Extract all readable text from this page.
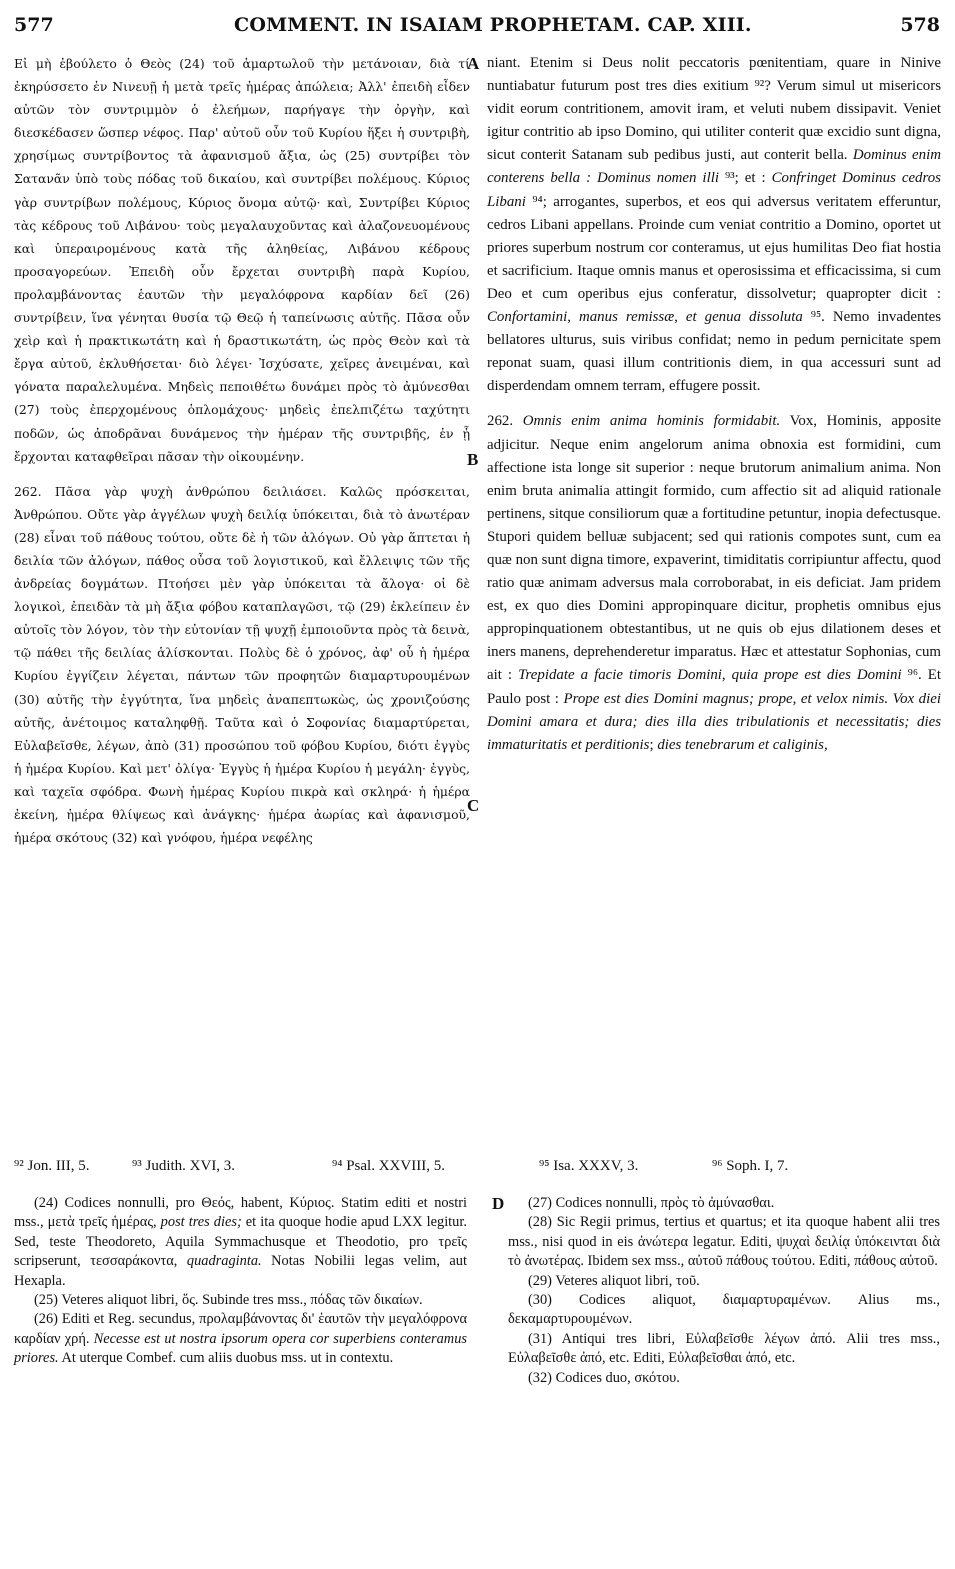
577	COMMENT. IN ISAIAM PROPHETAM. CAP. XIII.	578

Εἰ μὴ ἐβούλετο ὁ Θεὸς (24) τοῦ ἁμαρτωλοῦ τὴν μετάνοιαν, διὰ τί ἐκηρύσσετο ἐν Νινευῇ ἡ μετὰ τρεῖς ἡμέρας ἀπώλεια; Ἀλλ' ἐπειδὴ εἶδεν αὐτῶν τὸν συντριμμὸν ὁ ἐλεήμων, παρήγαγε τὴν ὀργὴν, καὶ διεσκέδασεν ὥσπερ νέφος. Παρ' αὐτοῦ οὖν τοῦ Κυρίου ἥξει ἡ συντριβὴ, χρησίμως συντρίβοντος τὰ ἀφανισμοῦ ἄξια, ὡς (25) συντρίβει τὸν Σατανᾶν ὑπὸ τοὺς πόδας τοῦ δικαίου, καὶ συντρίβει πολέμους. Κύριος γὰρ συντρίβων πολέμους, Κύριος ὄνομα αὐτῷ· καὶ, Συντρίβει Κύριος τὰς κέδρους τοῦ Λιβάνου· τοὺς μεγαλαυχοῦντας καὶ ἀλαζονευομένους καὶ ὑπεραιρομένους κατὰ τῆς ἀληθείας, Λιβάνου κέδρους προσαγορεύων. Ἐπειδὴ οὖν ἔρχεται συντριβὴ παρὰ Κυρίου, προλαμβάνοντας ἑαυτῶν τὴν μεγαλόφρονα καρδίαν δεῖ (26) συντρίβειν, ἵνα γένηται θυσία τῷ Θεῷ ἡ ταπείνωσις αὐτῆς. Πᾶσα οὖν χεὶρ καὶ ἡ πρακτικωτάτη καὶ ἡ δραστικωτάτη, ὡς πρὸς Θεὸν καὶ τὰ ἔργα αὐτοῦ, ἐκλυθήσεται· διὸ λέγει· Ἰσχύσατε, χεῖρες ἀνειμέναι, καὶ γόνατα παραλελυμένα. Μηδεὶς πεποιθέτω δυνάμει πρὸς τὸ ἀμύνεσθαι (27) τοὺς ἐπερχομένους ὁπλομάχους· μηδεὶς ἐπελπιζέτω ταχύτητι ποδῶν, ὡς ἀποδρᾶναι δυνάμενος τὴν ἡμέραν τῆς συντριβῆς, ἐν ᾗ ἔρχονται καταφθεῖραι πᾶσαν τὴν οἰκουμένην.

262. Πᾶσα γὰρ ψυχὴ ἀνθρώπου δειλιάσει. Καλῶς πρόσκειται, Ἀνθρώπου. Οὔτε γὰρ ἀγγέλων ψυχὴ δειλίᾳ ὑπόκειται, διὰ τὸ ἀνωτέραν (28) εἶναι τοῦ πάθους τούτου, οὔτε δὲ ἡ τῶν ἀλόγων. Οὐ γὰρ ἅπτεται ἡ δειλία τῶν ἀλόγων, πάθος οὖσα τοῦ λογιστικοῦ, καὶ ἔλλειψις τῶν τῆς ἀνδρείας δογμάτων. Πτοήσει μὲν γὰρ ὑπόκειται τὰ ἄλογα· οἱ δὲ λογικοὶ, ἐπειδὰν τὰ μὴ ἄξια φόβου καταπλαγῶσι, τῷ (29) ἐκλείπειν ἐν αὐτοῖς τὸν λόγον, τὸν τὴν εὐτονίαν τῇ ψυχῇ ἐμποιοῦντα πρὸς τὰ δεινὰ, τῷ πάθει τῆς δειλίας ἁλίσκονται. Πολὺς δὲ ὁ χρόνος, ἀφ' οὗ ἡ ἡμέρα Κυρίου ἐγγίζειν λέγεται, πάντων τῶν προφητῶν διαμαρτυρουμένων (30) αὐτῆς τὴν ἐγγύτητα, ἵνα μηδεὶς ἀναπεπτωκὼς, ὡς χρονιζούσης αὐτῆς, ἀνέτοιμος καταληφθῇ. Ταῦτα καὶ ὁ Σοφονίας διαμαρτύρεται, Εὐλαβεῖσθε, λέγων, ἀπὸ (31) προσώπου τοῦ φόβου Κυρίου, διότι ἐγγὺς ἡ ἡμέρα Κυρίου. Καὶ μετ' ὀλίγα· Ἐγγὺς ἡ ἡμέρα Κυρίου ἡ μεγάλη· ἐγγὺς, καὶ ταχεῖα σφόδρα. Φωνὴ ἡμέρας Κυρίου πικρὰ καὶ σκληρά· ἡ ἡμέρα ἐκείνη, ἡμέρα θλίψεως καὶ ἀνάγκης· ἡμέρα ἀωρίας καὶ ἀφανισμοῦ, ἡμέρα σκότους (32) καὶ γνόφου, ἡμέρα νεφέλης

A
B
C
D

niant. Etenim si Deus nolit peccatoris pœnitentiam, quare in Ninive nuntiabatur futurum post tres dies exitium ⁹²? Verum simul ut misericors vidit eorum contritionem, amovit iram, et veluti nubem dissipavit. Veniet igitur contritio ab ipso Domino, qui utiliter conterit quæ excidio sunt digna, sicut conterit Satanam sub pedibus justi, aut conterit bella. Dominus enim conterens bella : Dominus nomen illi ⁹³; et : Confringet Dominus cedros Libani ⁹⁴; arrogantes, superbos, et eos qui adversus veritatem efferuntur, cedros Libani appellans. Proinde cum veniat contritio a Domino, oportet ut priores superbum nostrum cor conteramus, ut ejus humilitas Deo fiat hostia et sacrificium. Itaque omnis manus et operosissima et efficacissima, si cum Deo et cum operibus ejus conferatur, dissolvetur; quapropter dicit : Confortamini, manus remissæ, et genua dissoluta ⁹⁵. Nemo invadentes bellatores ulturus, suis viribus confidat; nemo in pedum pernicitate spem reponat suam, quasi illum contritionis diem, in qua accessuri sunt ad disperdendam omnem terram, effugere possit.

262. Omnis enim anima hominis formidabit. Vox, Hominis, apposite adjicitur. Neque enim angelorum anima obnoxia est formidini, cum affectione ista longe sit superior : neque brutorum animalium anima. Non enim bruta animalia attingit formido, cum affectio sit ad aliquid rationale pertinens, sitque consiliorum quæ a fortitudine petuntur, inopia defectusque. Stupori quidem belluæ subjacent; sed qui rationis compotes sunt, cum ea quæ non sunt digna timore, expaverint, timiditatis corripiuntur affectu, quod ratio quæ animam adversus mala corroborabat, in eis deficiat. Jam pridem est, ex quo dies Domini appropinquare dicitur, prophetis omnibus ejus appropinquationem obtestantibus, ut ne quis ob ejus dilationem deses et iners manens, deprehenderetur imparatus. Hæc et attestatur Sophonias, cum ait : Trepidate a facie timoris Domini, quia prope est dies Domini ⁹⁶. Et Paulo post : Prope est dies Domini magnus; prope, et velox nimis. Vox diei Domini amara et dura; dies illa dies tribulationis et necessitatis; dies immaturitatis et perditionis; dies tenebrarum et caliginis,

⁹² Jon. III, 5.	⁹³ Judith. XVI, 3.	⁹⁴ Psal. XXVIII, 5.	⁹⁵ Isa. XXXV, 3.	⁹⁶ Soph. I, 7.

(24) Codices nonnulli, pro Θεός, habent, Κύριος. Statim editi et nostri mss., μετὰ τρεῖς ἡμέρας, post tres dies; et ita quoque hodie apud LXX legitur. Sed, teste Theodoreto, Aquila Symmachusque et Theodotio, pro τρεῖς scripserunt, τεσσαράκοντα, quadraginta. Notas Nobilii legas velim, aut Hexapla.

(25) Veteres aliquot libri, ὅς. Subinde tres mss., πόδας τῶν δικαίων.

(26) Editi et Reg. secundus, προλαμβάνοντας δι' ἑαυτῶν τὴν μεγαλόφρονα καρδίαν χρή. Necesse est ut nostra ipsorum opera cor superbiens conteramus priores. At uterque Combef. cum aliis duobus mss. ut in contextu.

(27) Codices nonnulli, πρὸς τὸ ἀμύνασθαι.

(28) Sic Regii primus, tertius et quartus; et ita quoque habent alii tres mss., nisi quod in eis ἀνώτερα legatur. Editi, ψυχαὶ δειλίᾳ ὑπόκεινται διὰ τὸ ἀνωτέρας. Ibidem sex mss., αὐτοῦ πάθους τούτου. Editi, πάθους αὐτοῦ.

(29) Veteres aliquot libri, τοῦ.

(30) Codices aliquot, διαμαρτυραμένων. Alius ms., δεκαμαρτυρουμένων.

(31) Antiqui tres libri, Εὐλαβεῖσθε λέγων ἀπό. Alii tres mss., Εὐλαβεῖσθε ἀπό, etc. Editi, Εὐλαβεῖσθαι ἀπό, etc.

(32) Codices duo, σκότου.
